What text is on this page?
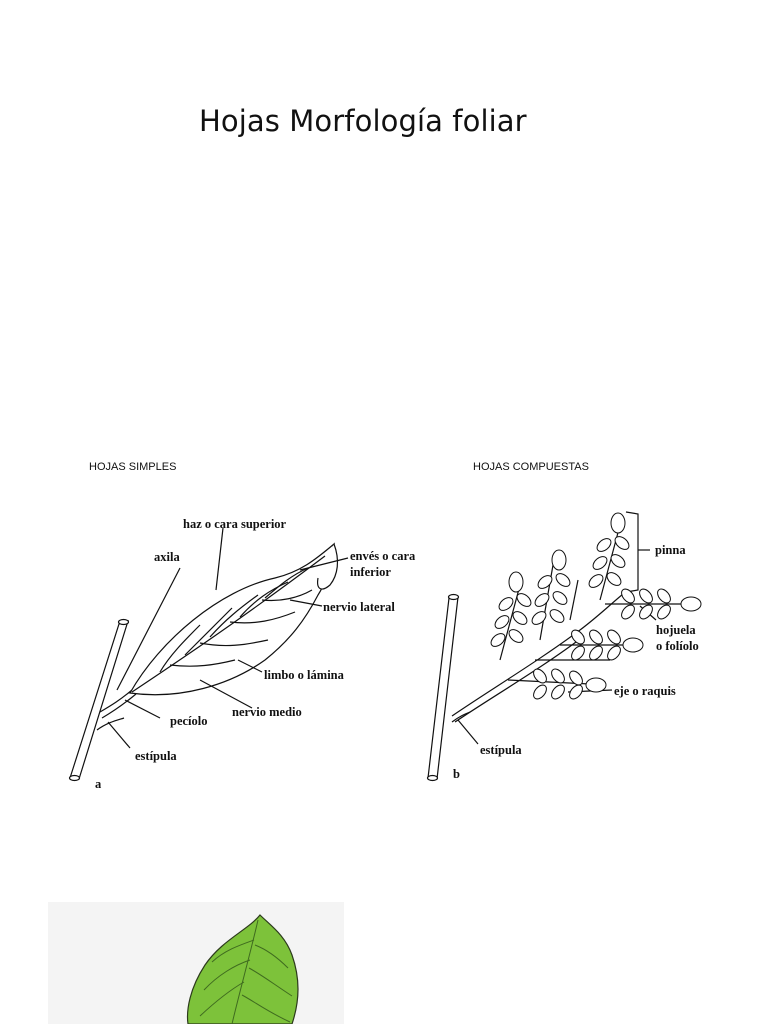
Hojas Morfología foliar
HOJAS SIMPLES	HOJAS COMPUESTAS
haz o cara superior
axila	envés o cara
inferior
nervio lateral
limbo o lámina
nervio medio
pecíolo
estípula
a
pinna
hojuela
o folíolo
eje o raquis
estípula
b
